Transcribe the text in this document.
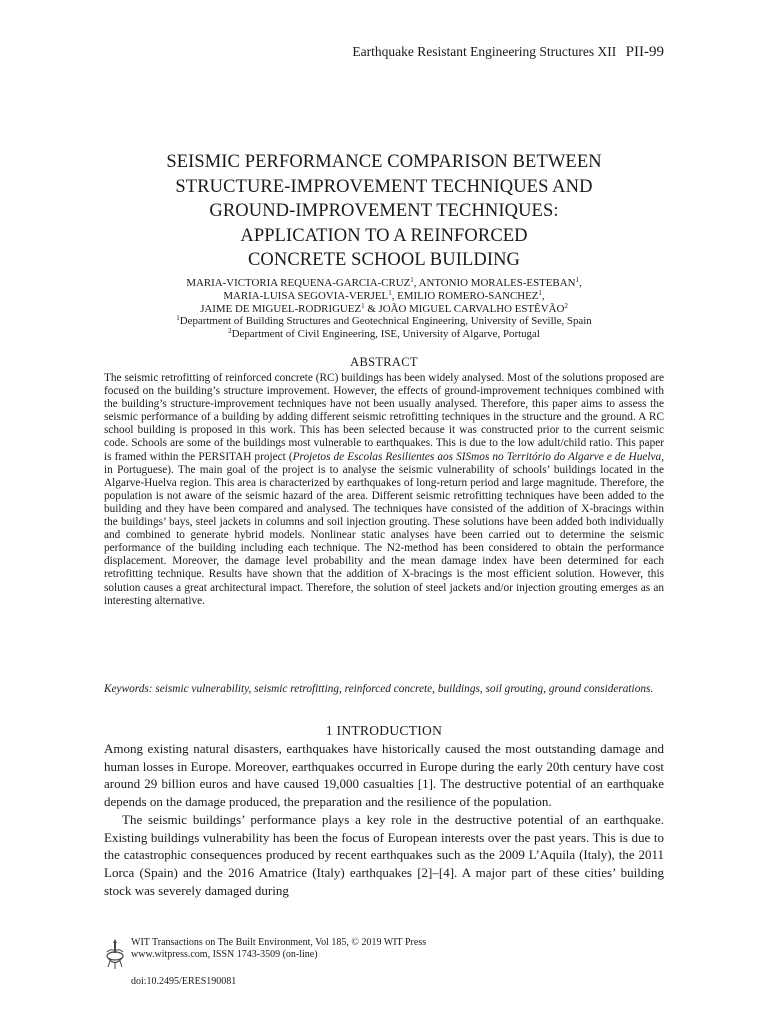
Earthquake Resistant Engineering Structures XII PII-99
SEISMIC PERFORMANCE COMPARISON BETWEEN
STRUCTURE-IMPROVEMENT TECHNIQUES AND
GROUND-IMPROVEMENT TECHNIQUES:
APPLICATION TO A REINFORCED
CONCRETE SCHOOL BUILDING
MARIA-VICTORIA REQUENA-GARCIA-CRUZ$^1$, ANTONIO MORALES-ESTEBAN$^1$,
MARIA-LUISA SEGOVIA-VERJEL$^1$, EMILIO ROMERO-SANCHEZ$^1$,
JAIME DE MIGUEL-RODRIGUEZ$^1$ & JOÃO MIGUEL CARVALHO ESTÊVÃO$^2$
$^1$Department of Building Structures and Geotechnical Engineering, University of Seville, Spain
$^2$Department of Civil Engineering, ISE, University of Algarve, Portugal
ABSTRACT
The seismic retrofitting of reinforced concrete (RC) buildings has been widely analysed. Most of the solutions proposed are focused on the building’s structure improvement. However, the effects of ground-improvement techniques combined with the building’s structure-improvement techniques have not been usually analysed. Therefore, this paper aims to assess the seismic performance of a building by adding different seismic retrofitting techniques in the structure and the ground. A RC school building is proposed in this work. This has been selected because it was constructed prior to the current seismic code. Schools are some of the buildings most vulnerable to earthquakes. This is due to the low adult/child ratio. This paper is framed within the PERSITAH project (Projetos de Escolas Resilientes aos SISmos no Território do Algarve e de Huelva, in Portuguese). The main goal of the project is to analyse the seismic vulnerability of schools’ buildings located in the Algarve-Huelva region. This area is characterized by earthquakes of long-return period and large magnitude. Therefore, the population is not aware of the seismic hazard of the area. Different seismic retrofitting techniques have been added to the building and they have been compared and analysed. The techniques have consisted of the addition of X-bracings within the buildings’ bays, steel jackets in columns and soil injection grouting. These solutions have been added both individually and combined to generate hybrid models. Nonlinear static analyses have been carried out to determine the seismic performance of the building including each technique. The N2-method has been considered to obtain the performance displacement. Moreover, the damage level probability and the mean damage index have been determined for each retrofitting technique. Results have shown that the addition of X-bracings is the most efficient solution. However, this solution causes a great architectural impact. Therefore, the solution of steel jackets and/or injection grouting emerges as an interesting alternative.
Keywords: seismic vulnerability, seismic retrofitting, reinforced concrete, buildings, soil grouting, ground considerations.
1 INTRODUCTION

Among existing natural disasters, earthquakes have historically caused the most outstanding damage and human losses in Europe. Moreover, earthquakes occurred in Europe during the early 20th century have cost around 29 billion euros and have caused 19,000 casualties [1]. The destructive potential of an earthquake depends on the damage produced, the preparation and the resilience of the population.

The seismic buildings’ performance plays a key role in the destructive potential of an earthquake. Existing buildings vulnerability has been the focus of European interests over the past years. This is due to the catastrophic consequences produced by recent earthquakes such as the 2009 L’Aquila (Italy), the 2011 Lorca (Spain) and the 2016 Amatrice (Italy) earthquakes [2]–[4]. A major part of these cities’ building stock was severely damaged during

WIT Transactions on The Built Environment, Vol 185, © 2019 WIT Press
www.witpress.com, ISSN 1743-3509 (on-line)
doi:10.2495/ERES190081
